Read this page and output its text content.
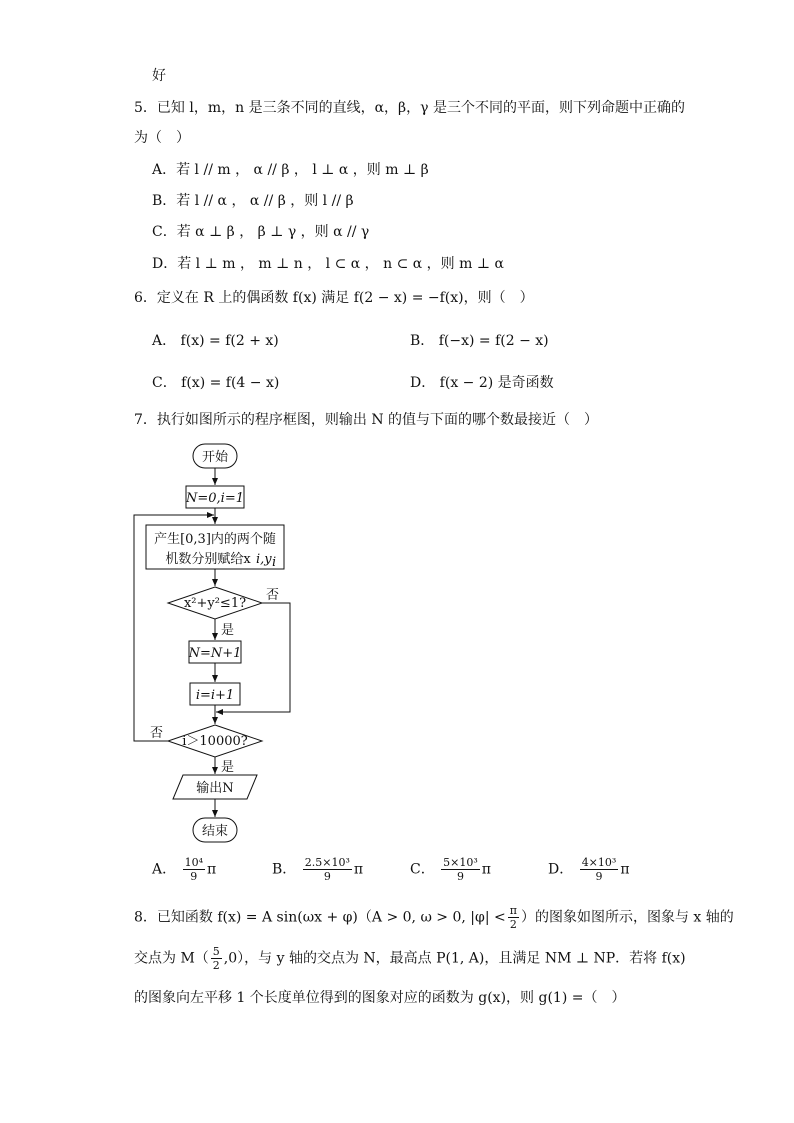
好
5．已知 l，m，n 是三条不同的直线，α，β，γ 是三个不同的平面，则下列命题中正确的
为（　）
A．若 l // m ， α // β ， l ⊥ α ，则 m ⊥ β
B．若 l // α ， α // β ，则 l // β
C．若 α ⊥ β ， β ⊥ γ ，则 α // γ
D．若 l ⊥ m ， m ⊥ n ， l ⊂ α ， n ⊂ α ，则 m ⊥ α
6．定义在 R 上的偶函数 f(x) 满足 f(2 − x) = −f(x)，则（　）
A． f(x) = f(2 + x)	B． f(−x) = f(2 − x)
C． f(x) = f(4 − x)	D． f(x − 2) 是奇函数
7．执行如图所示的程序框图，则输出 N 的值与下面的哪个数最接近（　）
开始
N=0,i=1
产生[0,3]内的两个随
机数分别赋给x i,y i
x²+y²≤1?
否
是
N=N+1
i=i+1
i＞10000?
否
是
输出N
结束
A． $\frac{\text{10⁴}}{9}$ π	B． $\frac{\text{2.5×10³}}{9}$ π	C． $\frac{\text{5×10³}}{9}$ π	D． $\frac{\text{4×10³}}{9}$ π
8．已知函数 f(x) = A sin(ωx + φ)（A > 0, ω > 0, $|\varphi| < \frac{\pi}{2}$ ）的图象如图所示，图象与 x 轴的
交点为 $M( \frac{5}{2} ,0)$，与 y 轴的交点为 N，最高点 P(1, A)，且满足 NM ⊥ NP．若将 f(x)
的图象向左平移 1 个长度单位得到的图象对应的函数为 g(x)，则 g(1) =（　）
